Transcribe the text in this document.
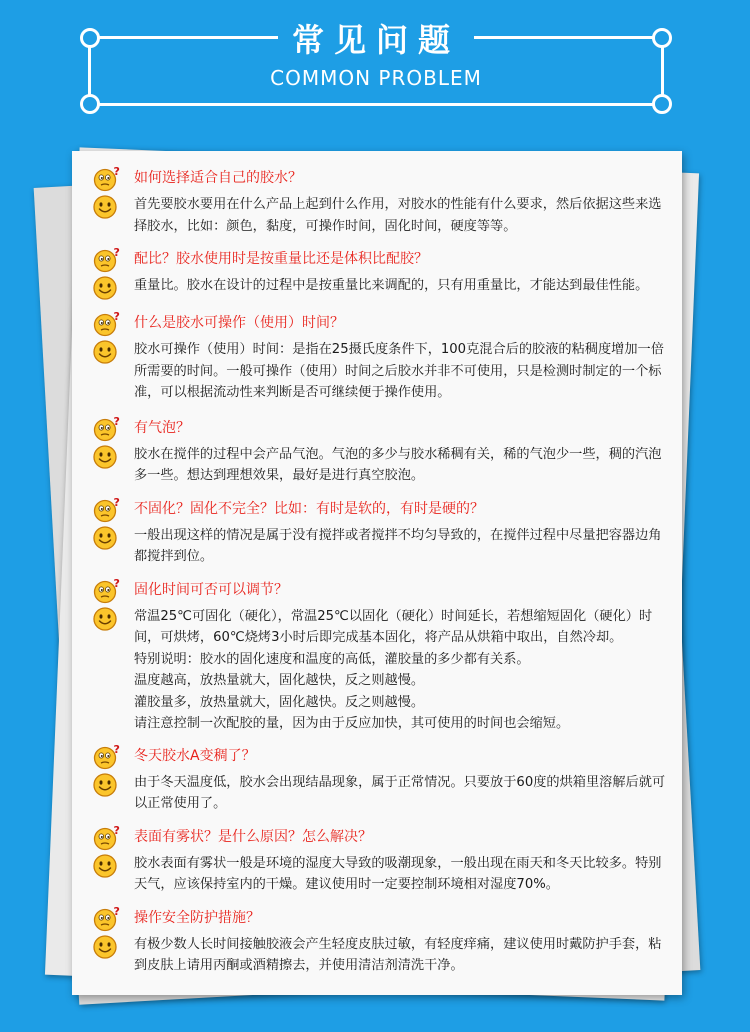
常见问题
COMMON PROBLEM
? 如何选择适合自己的胶水？
首先要胶水要用在什么产品上起到什么作用，对胶水的性能有什么要求，然后依据这些来选择胶水，比如：颜色，黏度，可操作时间，固化时间，硬度等等。
? 配比？胶水使用时是按重量比还是体积比配胶？
重量比。胶水在设计的过程中是按重量比来调配的，只有用重量比，才能达到最佳性能。
? 什么是胶水可操作（使用）时间？
胶水可操作（使用）时间：是指在25摄氏度条件下，100克混合后的胶液的粘稠度增加一倍所需要的时间。一般可操作（使用）时间之后胶水并非不可使用，只是检测时制定的一个标准，可以根据流动性来判断是否可继续便于操作使用。
? 有气泡？
胶水在搅伴的过程中会产品气泡。气泡的多少与胶水稀稠有关，稀的气泡少一些，稠的汽泡多一些。想达到理想效果，最好是进行真空胶泡。
? 不固化？固化不完全？比如：有时是软的，有时是硬的？
一般出现这样的情况是属于没有搅拌或者搅拌不均匀导致的，在搅伴过程中尽量把容器边角都搅拌到位。
? 固化时间可否可以调节？
常温25℃可固化（硬化），常温25℃以固化（硬化）时间延长，若想缩短固化（硬化）时间，可烘烤，60℃烧烤3小时后即完成基本固化，将产品从烘箱中取出，自然冷却。
特别说明：胶水的固化速度和温度的高低，灌胶量的多少都有关系。
温度越高，放热量就大，固化越快，反之则越慢。
灌胶量多，放热量就大，固化越快。反之则越慢。
请注意控制一次配胶的量，因为由于反应加快，其可使用的时间也会缩短。
? 冬天胶水A变稠了？
由于冬天温度低，胶水会出现结晶现象，属于正常情况。只要放于60度的烘箱里溶解后就可以正常使用了。
? 表面有雾状？是什么原因？怎么解决？
胶水表面有雾状一般是环境的湿度大导致的吸潮现象，一般出现在雨天和冬天比较多。特别天气，应该保持室内的干燥。建议使用时一定要控制环境相对湿度70%。
? 操作安全防护措施？
有极少数人长时间接触胶液会产生轻度皮肤过敏，有轻度痒痛，建议使用时戴防护手套，粘到皮肤上请用丙酮或酒精擦去，并使用清洁剂清洗干净。
